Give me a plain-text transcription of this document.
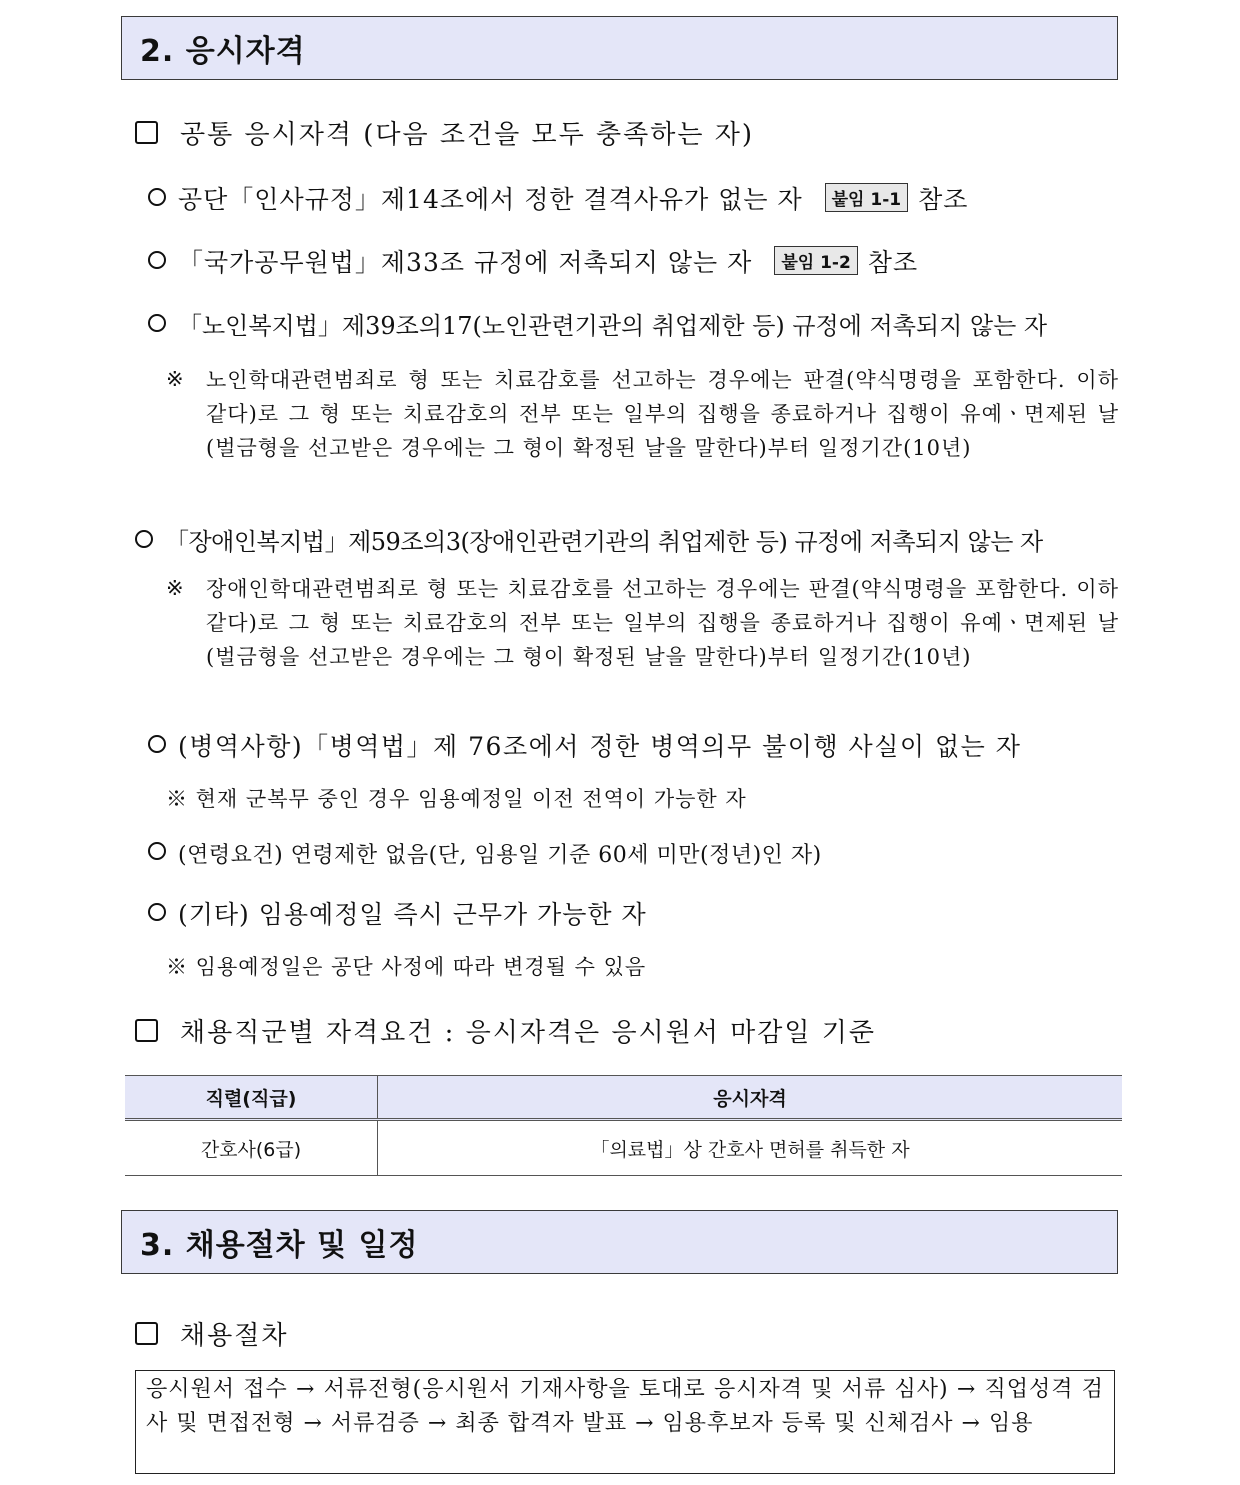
2. 응시자격
공통 응시자격 (다음 조건을 모두 충족하는 자)
공단「인사규정」제14조에서 정한 결격사유가 없는 자 붙임 1-1 참조
「국가공무원법」제33조 규정에 저촉되지 않는 자 붙임 1-2 참조
「노인복지법」제39조의17(노인관련기관의 취업제한 등) 규정에 저촉되지 않는 자
※ 노인학대관련범죄로 형 또는 치료감호를 선고하는 경우에는 판결(약식명령을 포함한다. 이하 같다)로 그 형 또는 치료감호의 전부 또는 일부의 집행을 종료하거나 집행이 유예ㆍ면제된 날(벌금형을 선고받은 경우에는 그 형이 확정된 날을 말한다)부터 일정기간(10년)
「장애인복지법」제59조의3(장애인관련기관의 취업제한 등) 규정에 저촉되지 않는 자
※ 장애인학대관련범죄로 형 또는 치료감호를 선고하는 경우에는 판결(약식명령을 포함한다. 이하 같다)로 그 형 또는 치료감호의 전부 또는 일부의 집행을 종료하거나 집행이 유예ㆍ면제된 날(벌금형을 선고받은 경우에는 그 형이 확정된 날을 말한다)부터 일정기간(10년)
(병역사항)「병역법」제 76조에서 정한 병역의무 불이행 사실이 없는 자
※ 현재 군복무 중인 경우 임용예정일 이전 전역이 가능한 자
(연령요건) 연령제한 없음(단, 임용일 기준 60세 미만(정년)인 자)
(기타) 임용예정일 즉시 근무가 가능한 자
※ 임용예정일은 공단 사정에 따라 변경될 수 있음
채용직군별 자격요건 : 응시자격은 응시원서 마감일 기준
직렬(직급)	응시자격
간호사(6급)	「의료법」상 간호사 면허를 취득한 자
3. 채용절차 및 일정
채용절차
응시원서 접수 → 서류전형(응시원서 기재사항을 토대로 응시자격 및 서류 심사) → 직업성격 검사 및 면접전형 → 서류검증 → 최종 합격자 발표 → 임용후보자 등록 및 신체검사 → 임용
